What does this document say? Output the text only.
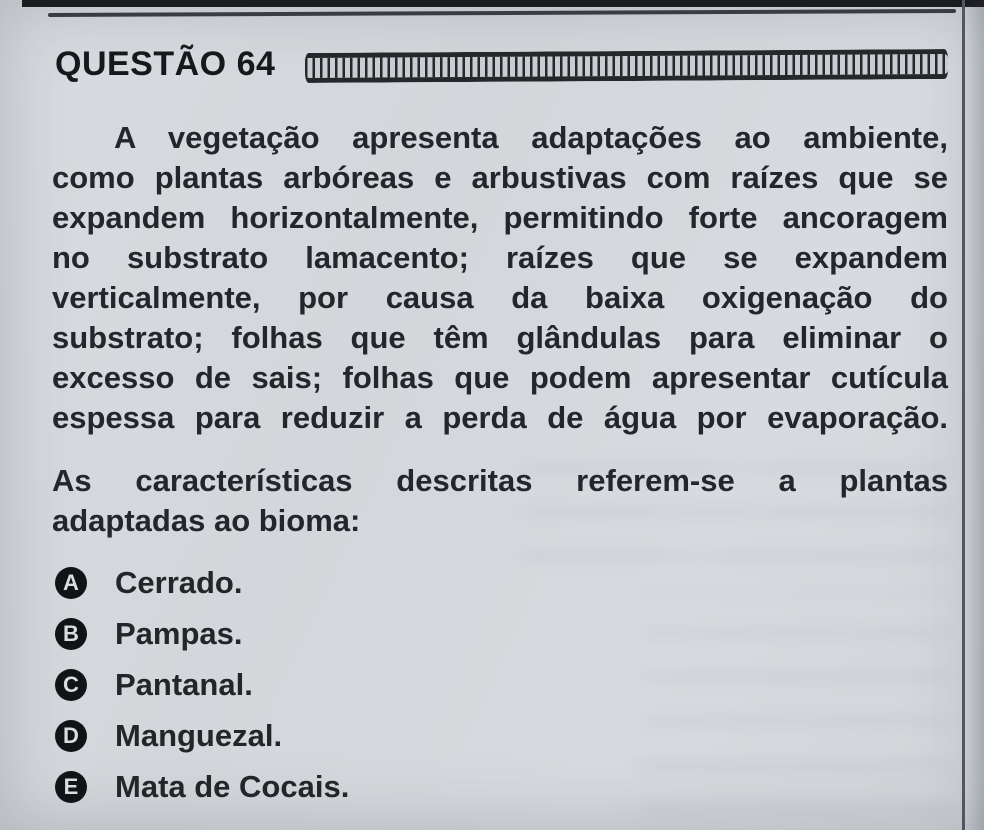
QUESTÃO 64
A vegetação apresenta adaptações ao ambiente,
como plantas arbóreas e arbustivas com raízes que se
expandem horizontalmente, permitindo forte ancoragem
no substrato lamacento; raízes que se expandem
verticalmente, por causa da baixa oxigenação do
substrato; folhas que têm glândulas para eliminar o
excesso de sais; folhas que podem apresentar cutícula
espessa para reduzir a perda de água por evaporação.
As características descritas referem-se a plantas
adaptadas ao bioma:
A Cerrado.
B Pampas.
C Pantanal.
D Manguezal.
E Mata de Cocais.
